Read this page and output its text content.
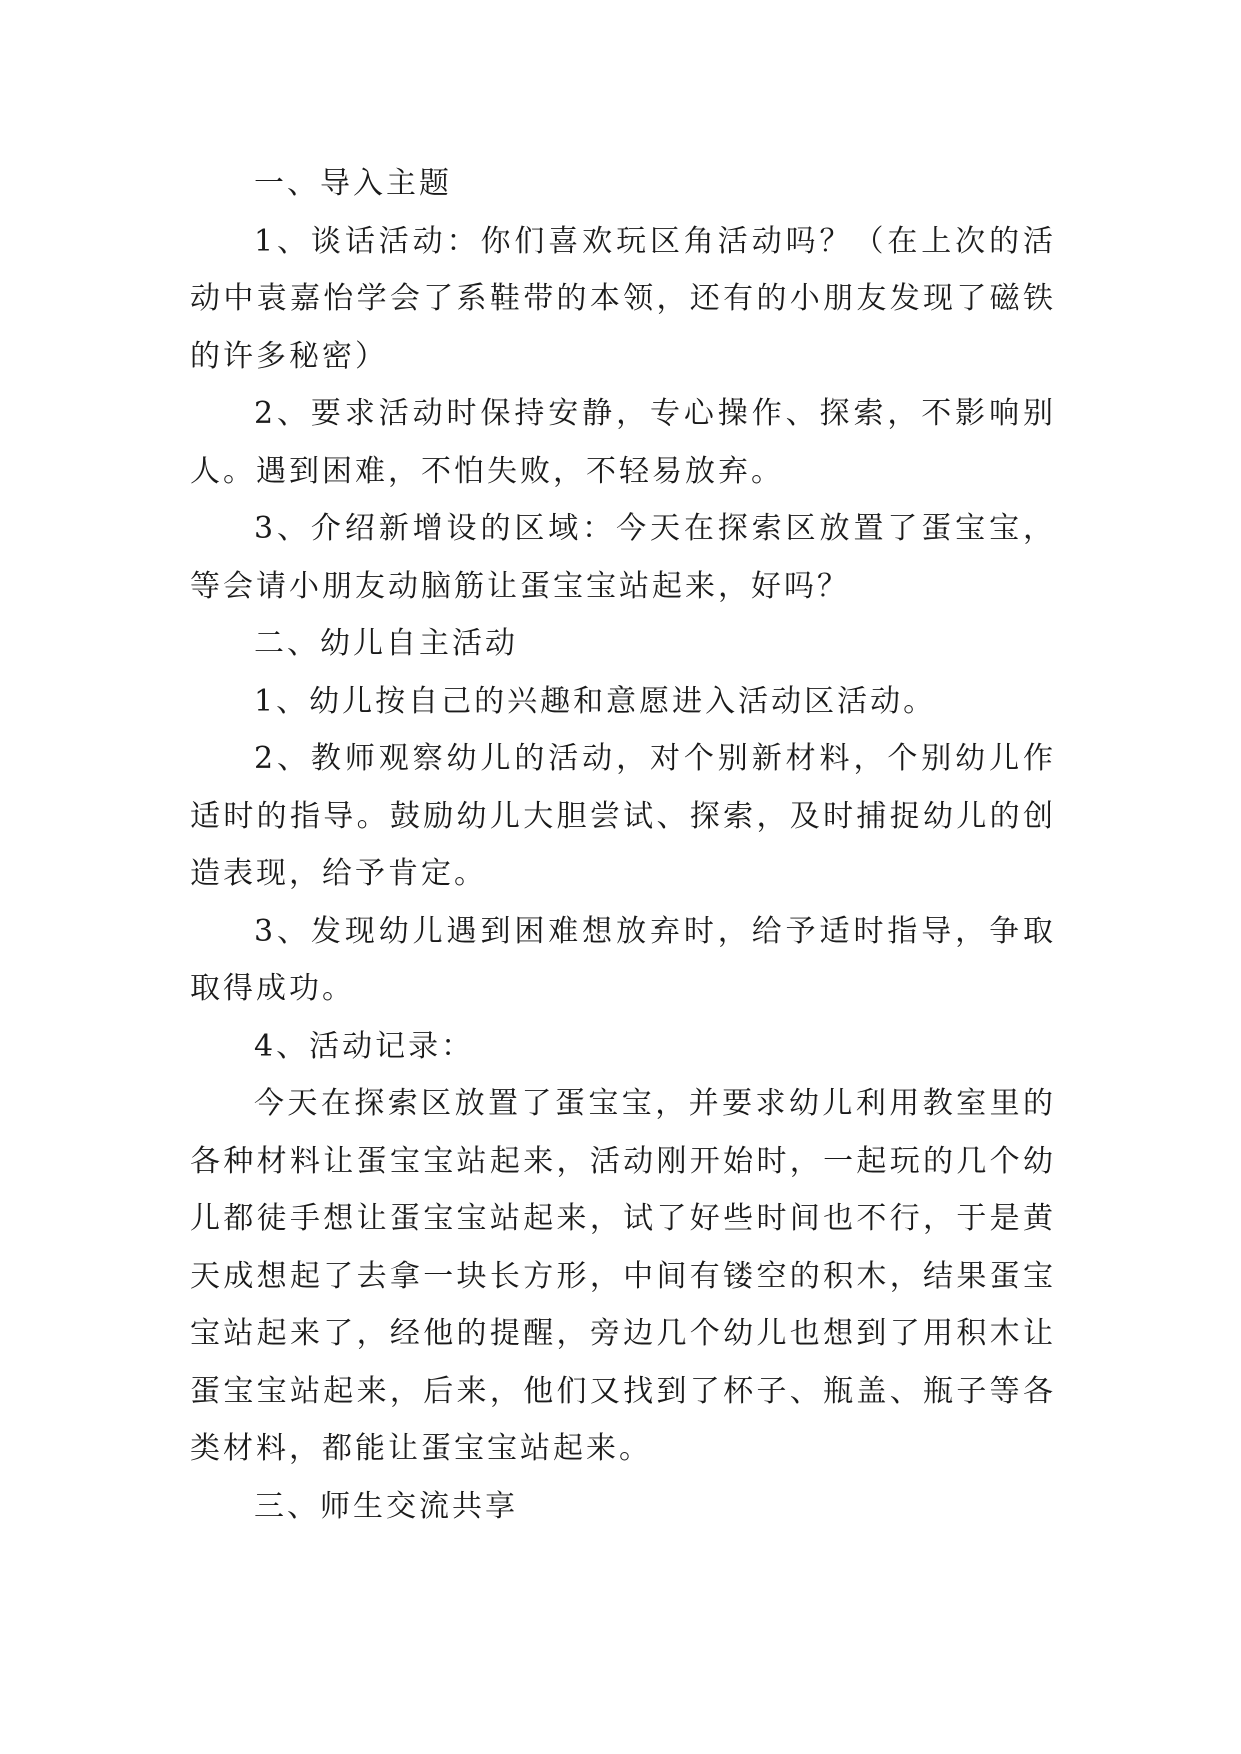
一、导入主题

1、谈话活动：你们喜欢玩区角活动吗？（在上次的活动中袁嘉怡学会了系鞋带的本领，还有的小朋友发现了磁铁的许多秘密）

2、要求活动时保持安静，专心操作、探索，不影响别人。遇到困难，不怕失败，不轻易放弃。

3、介绍新增设的区域：今天在探索区放置了蛋宝宝，等会请小朋友动脑筋让蛋宝宝站起来，好吗？

二、幼儿自主活动

1、幼儿按自己的兴趣和意愿进入活动区活动。

2、教师观察幼儿的活动，对个别新材料，个别幼儿作适时的指导。鼓励幼儿大胆尝试、探索，及时捕捉幼儿的创造表现，给予肯定。

3、发现幼儿遇到困难想放弃时，给予适时指导，争取取得成功。

4、活动记录：

今天在探索区放置了蛋宝宝，并要求幼儿利用教室里的各种材料让蛋宝宝站起来，活动刚开始时，一起玩的几个幼儿都徒手想让蛋宝宝站起来，试了好些时间也不行，于是黄天成想起了去拿一块长方形，中间有镂空的积木，结果蛋宝宝站起来了，经他的提醒，旁边几个幼儿也想到了用积木让蛋宝宝站起来，后来，他们又找到了杯子、瓶盖、瓶子等各类材料，都能让蛋宝宝站起来。

三、师生交流共享
